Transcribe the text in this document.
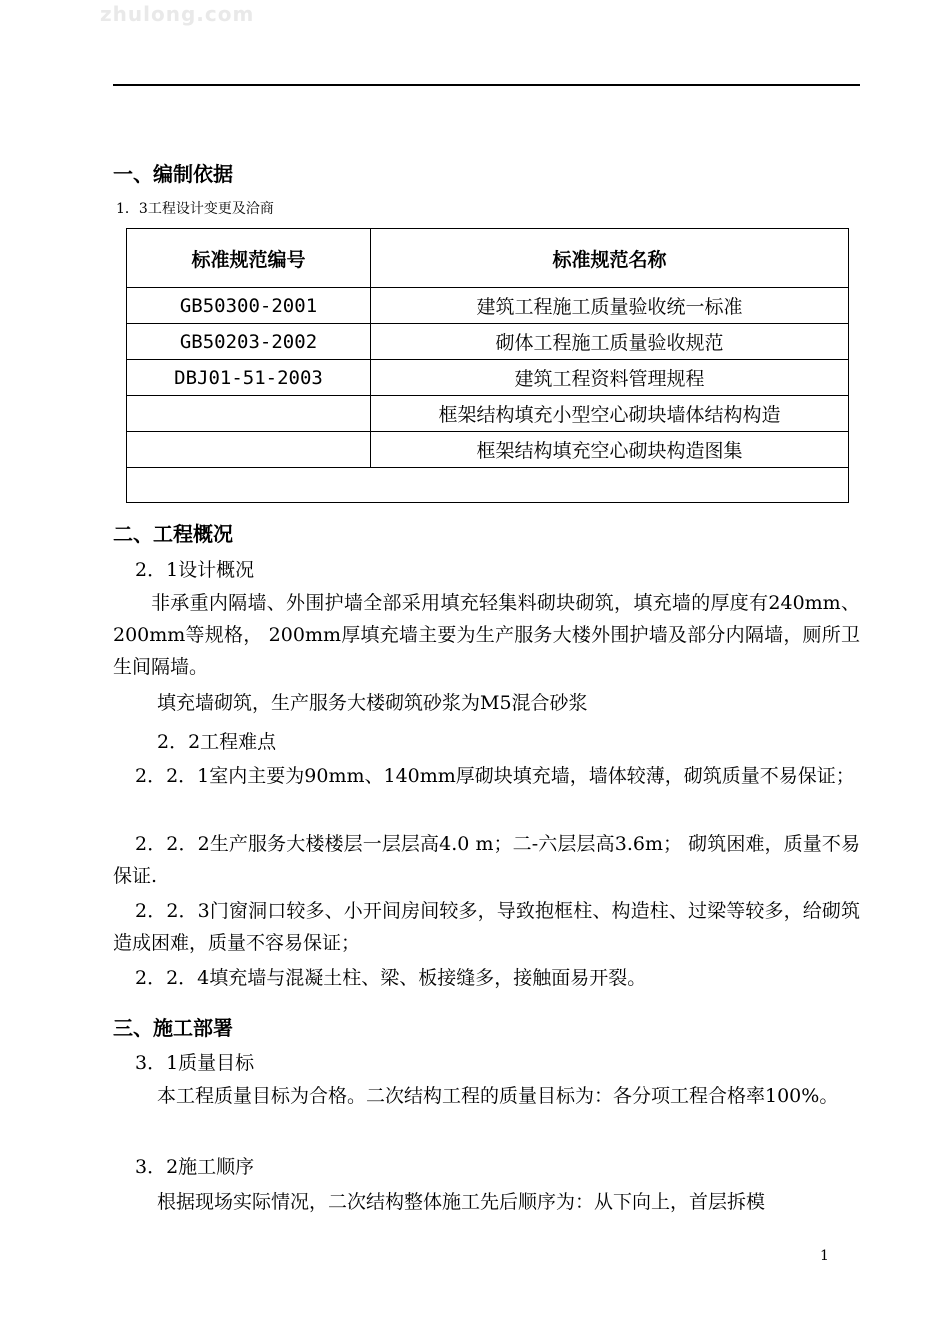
zhulong.com
一、编制依据
1．3工程设计变更及洽商
标准规范编号	标准规范名称
GB50300-2001	建筑工程施工质量验收统一标准
GB50203-2002	砌体工程施工质量验收规范
DBJ01-51-2003	建筑工程资料管理规程
	框架结构填充小型空心砌块墙体结构构造
	框架结构填充空心砌块构造图集

二、工程概况
2．1设计概况
非承重内隔墙、外围护墙全部采用填充轻集料砌块砌筑，填充墙的厚度有240mm、200mm等规格， 200mm厚填充墙主要为生产服务大楼外围护墙及部分内隔墙，厕所卫生间隔墙。
填充墙砌筑，生产服务大楼砌筑砂浆为M5混合砂浆
2．2工程难点
2．2．1室内主要为90mm、140mm厚砌块填充墙，墙体较薄，砌筑质量不易保证；
2．2．2生产服务大楼楼层一层层高4.0 m；二-六层层高3.6m； 砌筑困难，质量不易保证.
2．2．3门窗洞口较多、小开间房间较多，导致抱框柱、构造柱、过梁等较多，给砌筑造成困难，质量不容易保证；
2．2．4填充墙与混凝土柱、梁、板接缝多，接触面易开裂。
三、施工部署
3．1质量目标
本工程质量目标为合格。二次结构工程的质量目标为：各分项工程合格率100%。
3．2施工顺序
根据现场实际情况，二次结构整体施工先后顺序为：从下向上，首层拆模
1
